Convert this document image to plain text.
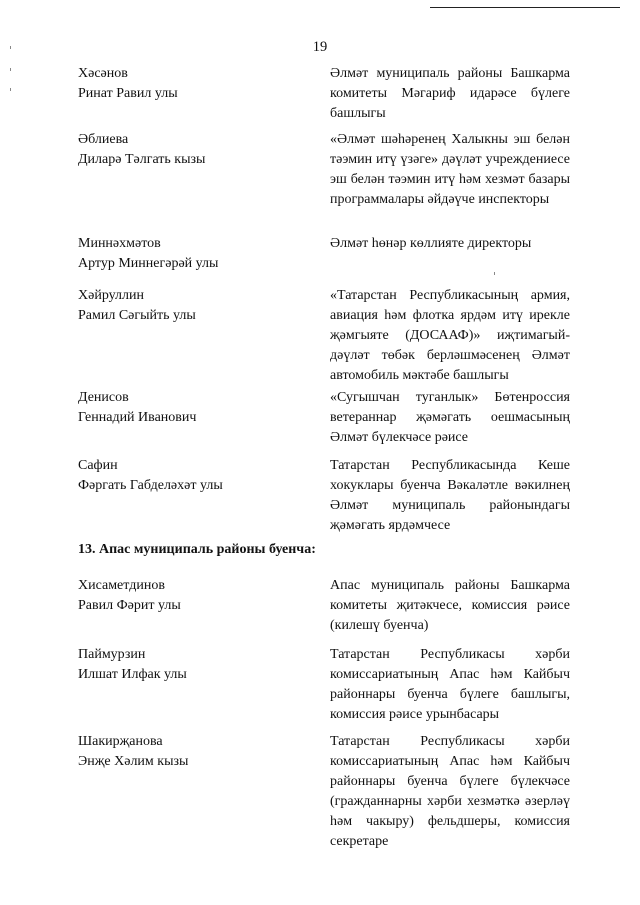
19
Хәсәнов
Ринат Равил улы
Әлмәт муниципаль районы Башкарма комитеты Мәгариф идарәсе бүлеге башлыгы
Әблиева
Диларә Тәлгать кызы
«Әлмәт шәһәренең Халыкны эш белән тәэмин итү үзәге» дәүләт учреждениесе эш белән тәэмин итү һәм хезмәт базары программалары әйдәүче инспекторы
Миннәхмәтов
Артур Миннегәрәй улы
Әлмәт һөнәр көллияте директоры
Хәйруллин
Рамил Сәгыйть улы
«Татарстан Республикасының армия, авиация һәм флотка ярдәм итү ирекле җәмгыяте (ДОСААФ)» иҗтимагый-дәүләт төбәк берләшмәсенең Әлмәт автомобиль мәктәбе башлыгы
Денисов
Геннадий Иванович
«Сугышчан туганлык» Бөтенроссия ветераннар җәмәгать оешмасының Әлмәт бүлекчәсе рәисе
Сафин
Фәргать Габделәхәт улы
Татарстан Республикасында Кеше хокуклары буенча Вәкаләтле вәкилнең Әлмәт муниципаль районындагы җәмәгать ярдәмчесе
13. Апас муниципаль районы буенча:
Хисаметдинов
Равил Фәрит улы
Апас муниципаль районы Башкарма комитеты җитәкчесе, комиссия рәисе (килешү буенча)
Паймурзин
Илшат Илфак улы
Татарстан Республикасы хәрби комиссариатының Апас һәм Кайбыч районнары буенча бүлеге башлыгы, комиссия рәисе урынбасары
Шакирҗанова
Энҗе Хәлим кызы
Татарстан Республикасы хәрби комиссариатының Апас һәм Кайбыч районнары буенча бүлеге бүлекчәсе (гражданнарны хәрби хезмәткә әзерләү һәм чакыру) фельдшеры, комиссия секретаре
